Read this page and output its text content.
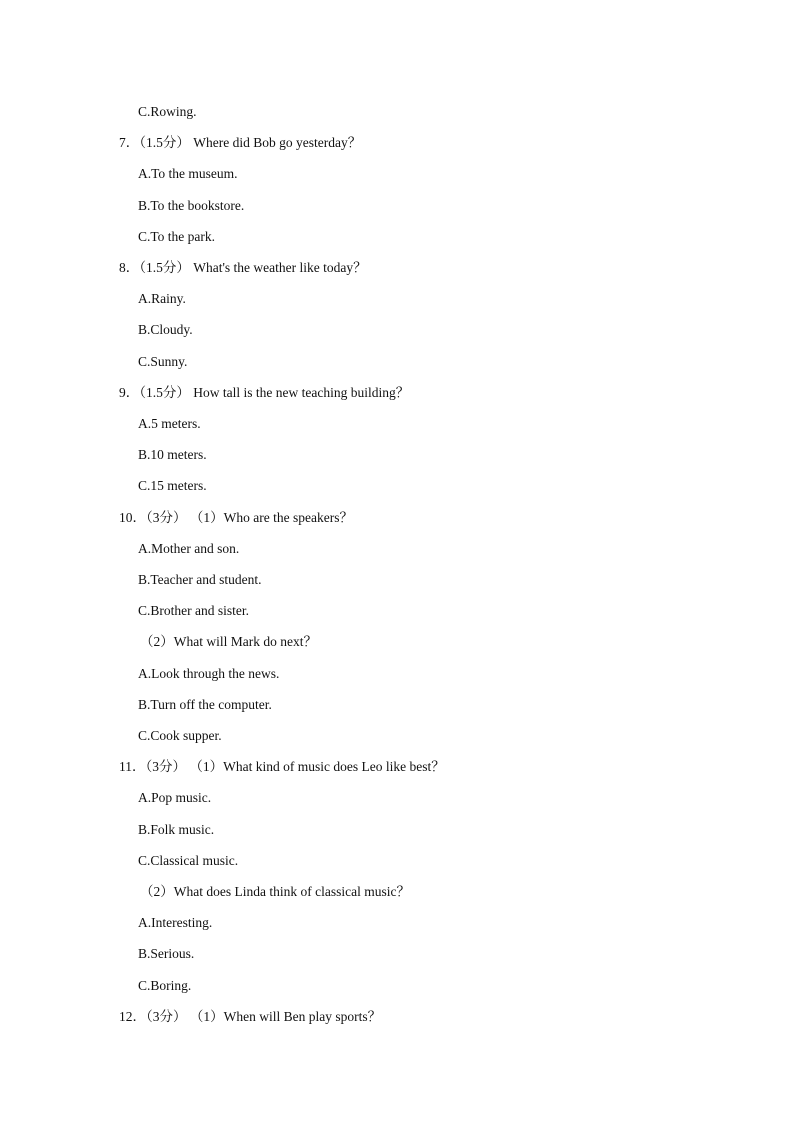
C.Rowing.
7．（1.5分） Where did Bob go yesterday？
A.To the museum.
B.To the bookstore.
C.To the park.
8．（1.5分） What's the weather like today？
A.Rainy.
B.Cloudy.
C.Sunny.
9．（1.5分） How tall is the new teaching building？
A.5 meters.
B.10 meters.
C.15 meters.
10．（3分） （1）Who are the speakers？
A.Mother and son.
B.Teacher and student.
C.Brother and sister.
（2）What will Mark do next？
A.Look through the news.
B.Turn off the computer.
C.Cook supper.
11．（3分） （1）What kind of music does Leo like best？
A.Pop music.
B.Folk music.
C.Classical music.
（2）What does Linda think of classical music？
A.Interesting.
B.Serious.
C.Boring.
12．（3分） （1）When will Ben play sports？
